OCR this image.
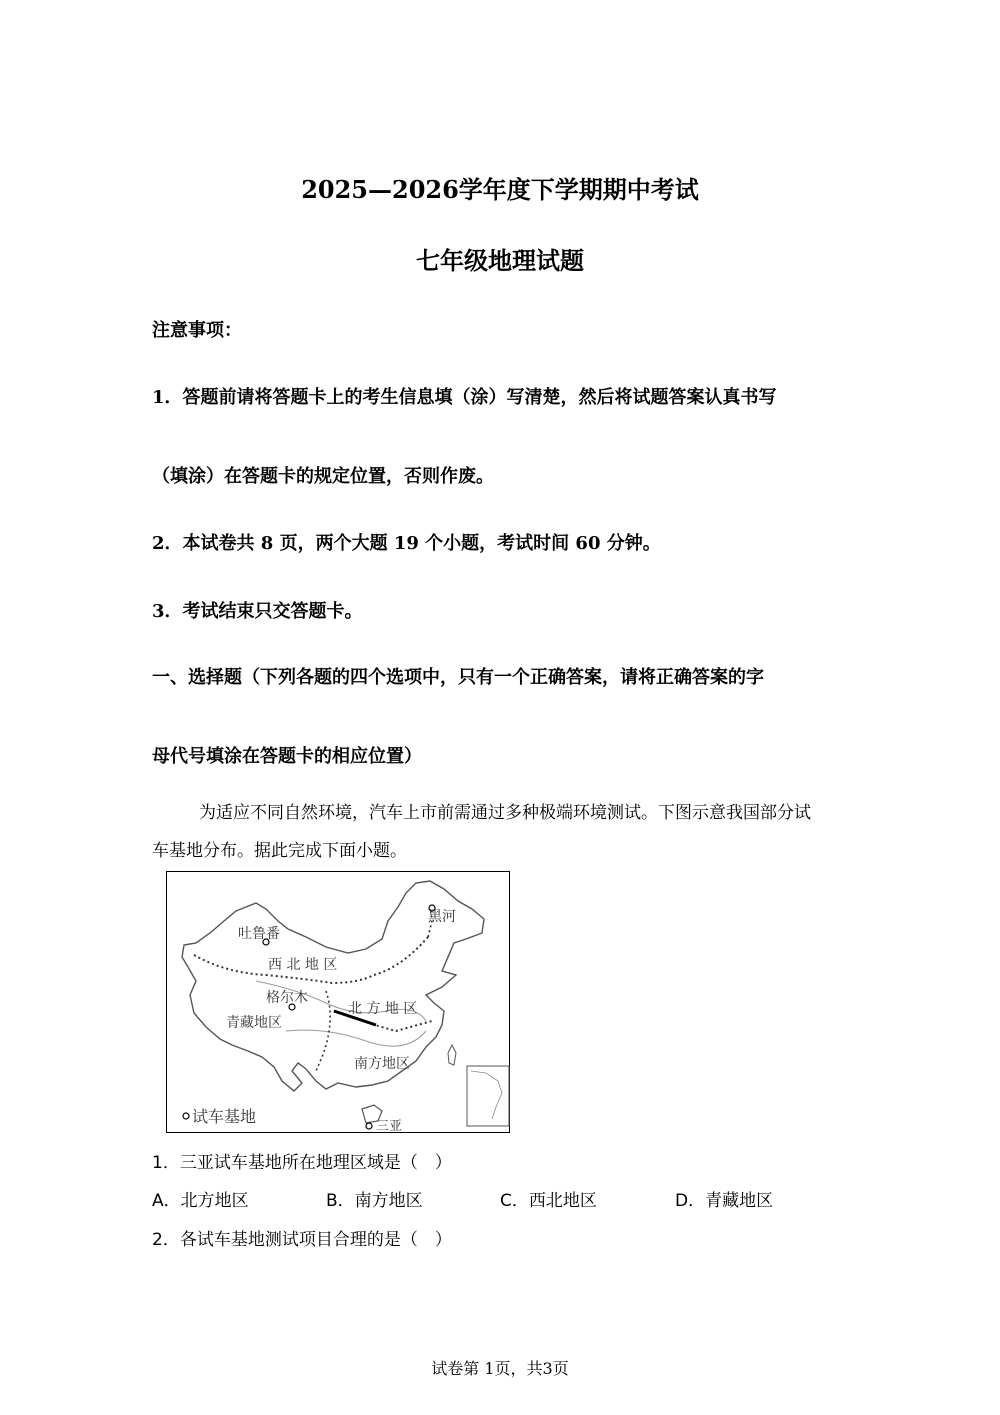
2025—2026学年度下学期期中考试
七年级地理试题
注意事项：
1．答题前请将答题卡上的考生信息填（涂）写清楚，然后将试题答案认真书写
（填涂）在答题卡的规定位置，否则作废。
2．本试卷共 8 页，两个大题 19 个小题，考试时间 60 分钟。
3．考试结束只交答题卡。
一、选择题（下列各题的四个选项中，只有一个正确答案，请将正确答案的字
母代号填涂在答题卡的相应位置）
为适应不同自然环境，汽车上市前需通过多种极端环境测试。下图示意我国部分试
车基地分布。据此完成下面小题。
吐鲁番
黑河
西 北 地 区
格尔木
北 方 地 区
青藏地区
南方地区
三亚
试车基地
1．三亚试车基地所在地理区域是（　）
A．北方地区	B．南方地区	C．西北地区	D．青藏地区
2．各试车基地测试项目合理的是（　）
试卷第 1页，共3页
